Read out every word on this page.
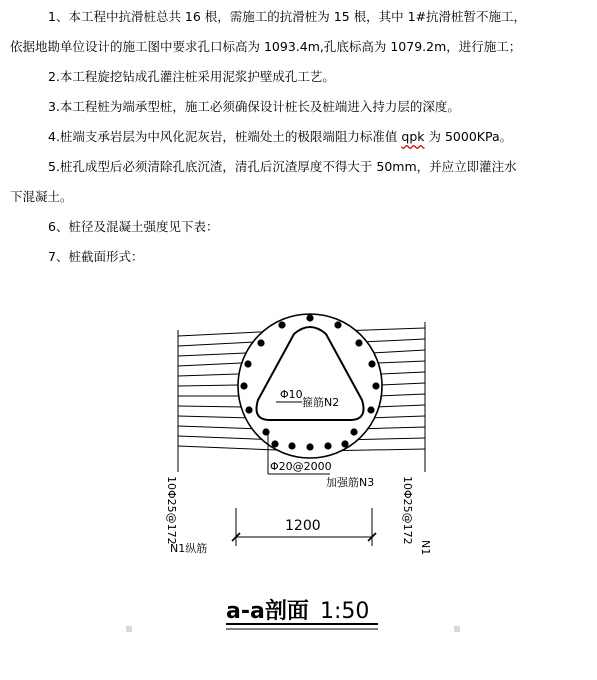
1、本工程中抗滑桩总共 16 根，需施工的抗滑桩为 15 根，其中 1#抗滑桩暂不施工，
依据地勘单位设计的施工图中要求孔口标高为 1093.4m,孔底标高为 1079.2m，进行施工；
2.本工程旋挖钻成孔灌注桩采用泥浆护壁成孔工艺。
3.本工程桩为端承型桩，施工必须确保设计桩长及桩端进入持力层的深度。
4.桩端支承岩层为中风化泥灰岩，桩端处土的极限端阻力标准值 qpk 为 5000KPa。
5.桩孔成型后必须清除孔底沉渣，清孔后沉渣厚度不得大于 50mm，并应立即灌注水
下混凝土。
6、桩径及混凝土强度见下表：
7、桩截面形式：
Φ10
箍筋N2
Φ20@2000
加强筋N3
10Φ25@172	10Φ25@172
N1纵筋	N1
1200
a-a剖面 1:50
